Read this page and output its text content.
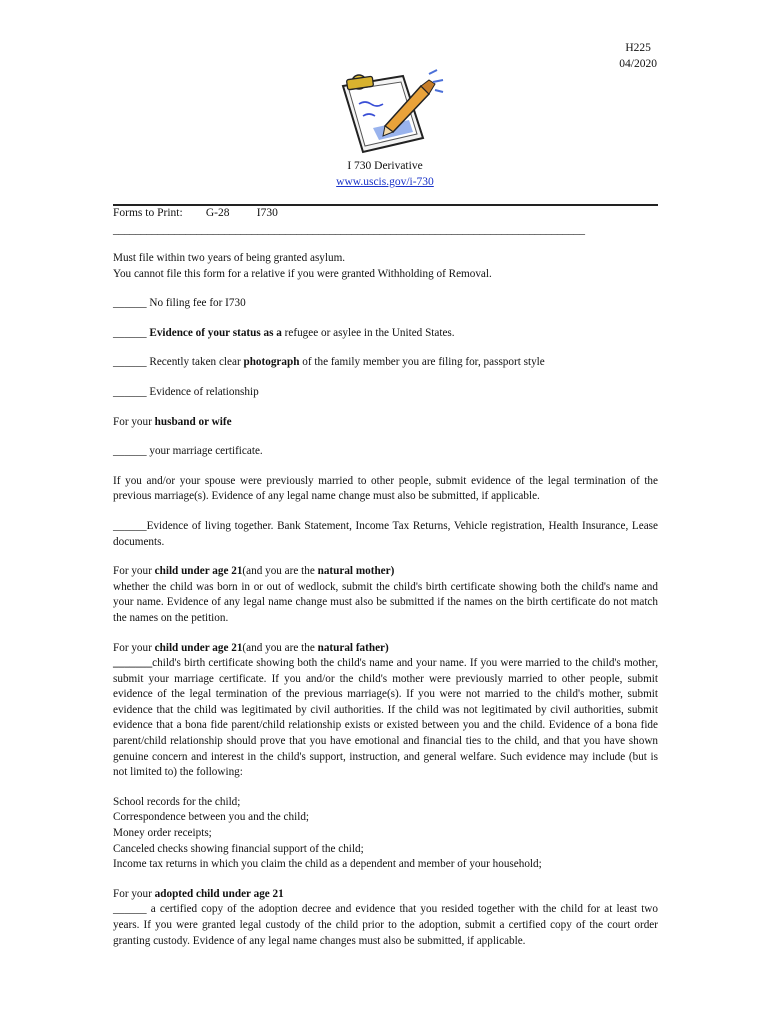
H225
04/2020
I 730 Derivative
www.uscis.gov/i-730
Forms to Print: G-28 I730
_____________________________________________________________________________________

Must file within two years of being granted asylum.

You cannot file this form for a relative if you were granted Withholding of Removal.

______ No filing fee for I730

______ Evidence of your status as a refugee or asylee in the United States.

______ Recently taken clear photograph of the family member you are filing for, passport style

______ Evidence of relationship

For your husband or wife

______ your marriage certificate.

If you and/or your spouse were previously married to other people, submit evidence of the legal termination of the previous marriage(s). Evidence of any legal name change must also be submitted, if applicable.

______Evidence of living together. Bank Statement, Income Tax Returns, Vehicle registration, Health Insurance, Lease documents.

For your child under age 21(and you are the natural mother)

whether the child was born in or out of wedlock, submit the child's birth certificate showing both the child's name and your name. Evidence of any legal name change must also be submitted if the names on the birth certificate do not match the names on the petition.

For your child under age 21(and you are the natural father)

_______child's birth certificate showing both the child's name and your name. If you were married to the child's mother, submit your marriage certificate. If you and/or the child's mother were previously married to other people, submit evidence of the legal termination of the previous marriage(s). If you were not married to the child's mother, submit evidence that the child was legitimated by civil authorities. If the child was not legitimated by civil authorities, submit evidence that a bona fide parent/child relationship exists or existed between you and the child. Evidence of a bona fide parent/child relationship should prove that you have emotional and financial ties to the child, and that you have shown genuine concern and interest in the child's support, instruction, and general welfare. Such evidence may include (but is not limited to) the following:

School records for the child;

Correspondence between you and the child;

Money order receipts;

Canceled checks showing financial support of the child;

Income tax returns in which you claim the child as a dependent and member of your household;

For your adopted child under age 21

______ a certified copy of the adoption decree and evidence that you resided together with the child for at least two years. If you were granted legal custody of the child prior to the adoption, submit a certified copy of the court order granting custody. Evidence of any legal name changes must also be submitted, if applicable.
